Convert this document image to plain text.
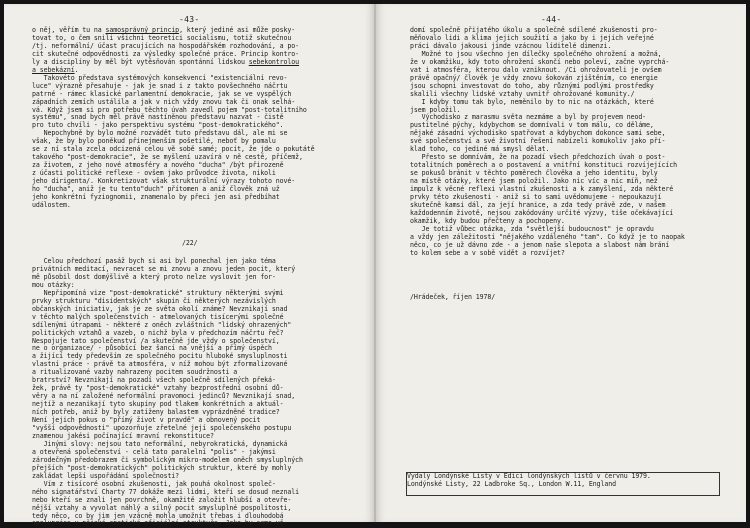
-43-
o něj, věřím tu na samosprávný princip, který jediné asi může posky-
tovat to, o čem snili všichni teoretici socialismu, totiž skutečnou
/tj. neformální/ účast pracujících na hospodářském rozhodování, a po-
cit skutečné odpovědnosti za výsledky společné práce. Princip kontro-
ly a disciplíny by měl být vytěsňován spontánní lidskou sebekontrolou
a sebekázní.
Takovéto představa systémových konsekvencí "existenciální revo-
luce" výrazně přesahuje - jak je snad i z takto povšechného náčrtu
patrné - rámec klasické parlamentní demokracie, jak se ve vyspělých
západních zemích ustálila a jak v nich vždy znovu tak či onak selhá-
vá. Když jsem si pro potřebu těchto úvah zavedl pojem "post-totalitního
systému", snad bych měl právě nastíněnou představu nazvat - čistě
pro tuto chvíli - jako perspektivu systému "post-demokratického".
Nepochybně by bylo možné rozvádět tuto představu dál, ale mi se
však, že by bylo poněkud přinejmenším pošetilé, neboť by pomalu
se z ní stala zcela odcizená celou vě sobě samé; pocit, že jde o pokutátě
takového "post-demokracie", že se myšlení uzavírá v ně cestě, příčemž,
za životem, z jeho nové atmosféry a nového "ducha" /být přirozeně
z účasti politické reflexe - ovšem jako průvodce života, nikoli
jeho dirigenta/. Konkretizovat však strukturální výrazy tohoto nové-
ho "ducha", aniž je tu tento"duch" přítomen a aniž člověk zná už
jeho konkrétní fyziognomii, znamenalo by přeci jen asi předbíhat
událostem.
/22/
Celou předchozí pasáž bych si asi byl ponechal jen jako téma
privátních meditací, nevracet se mi znovu a znovu jeden pocit, který
mě působil dost domýšlivě a který proto nelze vyslovit jen for-
mou otázky:
Nepřipomíná vize "post-demokratické" struktury některými svými
prvky strukturu "disidentských" skupin či některých nezávislých
občanských iniciativ, jak je ze světa okolí známe? Nevznikají snad
v těchto malých společenstvích - atmelovaných tisícerými společné
sdílenými útrapami - některé z oněch zvláštních "lidský ohrazených"
politických vztahů a vazeb, o nichž byla v předchozím náčrtu řeč?
Nespojuje tato společenství /a skutečně jde vždy o společenství,
ne o organizace/ - působící bez šancí na vnější a přímý úspěch
a žijící tedy především ze společného pocitu hluboké smysluplnosti
vlastní práce - právě ta atmosféra, v níž mohou být zformalizované
a ritualizované vazby nahrazeny pocitem soudržnosti a
bratrství? Nevznikají na pozadí všech společně sdílených překá-
žek, právě ty "post-demokratické" vztahy bezprostřední osobní dů-
věry a na ní založené neformální pravomoci jedinců? Nevznikají snad,
nejtíž a nezanikají tyto skupiny pod tlakem konkrétních a aktuál-
ních potřeb, aniž by byly zatíženy balastem vyprázdněné tradice?
Není jejich pokus o "přímý život v pravdě" a obnovený pocit
"vyšší odpovědnosti" upozorňuje zřetelné její společenského postupu
znamenou jakési počínající mravní rekonstituce?
Jinými slovy: nejsou tato neformální, nebyrokratická, dynamická
a otevřená společenství - celá tato paralelní "polis" - jakýmsi
zárodečným předobrazem či symbolickým mikro-modelem oněch smysluplných
přejších "post-demokratických" politických struktur, které by mohly
zakládat lepší uspořádání společnosti?
Vím z tisícoré osobní zkušenosti, jak pouhá okolnost společ-
ného signatářství Charty 77 dokáže mezi lidmi, kteří se dosud neznali
nebo kteří se znali jen povrchně, okamžitě založit hlubší a otevře-
nější vztahy a vyvolat náhlý a silný pocit smysluplné pospolitosti,
tedy něco, co by jim jen vzácně mohla umožnit třebas i dlouhodobá
spolupráce v nějaké apatické oficiální struktuře. Jako by samo vě-
-44-
domí společně přijatého úkolu a společně sdílené zkušenosti pro-
měňovalo lidi a klima jejich soužití a jako by i jejich veřejné
práci dávalo jakousi jinde vzácnou líditelé dimenzi.
Možné to jsou všechno jen dílečky společného ohrožení a možná,
že v okamžiku, kdy toto ohrožení skončí nebo poleví, začne vyprchá-
vat i atmosféra, kterou dalo vzniknout. /Ci ohrožovateli je ovšem
právě opačný/ člověk je vždy znovu šokován zjištěním, co energie
jsou schopni investovat do toho, aby různými podlými prostředky
skalili všechny lidské vztahy uvnitř ohrožované komunity./
I kdyby tomu tak bylo, neměnilo by to nic na otázkách, které
jsem položil.
Východisko z marasmu světa nezmáme a byl by projevem neod-
pustitelné pýchy, kdybychom se domnívali v tom málu, co děláme,
nějaké zásadní východisko spatřovat a kdybychom dokonce sami sebe,
své společenství a své životní řešení nabízeli komukoliv jako pří-
klad toho, co jediné má smysl dělat.
Přesto se domnívám, že na pozadí všech předchozích úvah o post-
totalitních poměrech a o postavení a vnitřní konstituci rozvíjejících
se pokusů bránit v těchto poměrech člověka a jeho identitu, byly
na místě otázky, které jsem položil. Jako nic víc a nic míň, než
impulz k věcné reflexi vlastní zkušenosti a k zamyšlení, zda některé
prvky této zkušenosti - aniž si to sami uvědomujeme - nepoukazují
skutečně kamsi dál, za její hranice, a zda tedy právě zde, v našem
každodenním životě, nejsou zakódovány určité výzvy, tiše očekávající
okamžik, kdy budou přečteny a pochopeny.
Je totiž vůbec otázka, zda "světlejší budoucnost" je opravdu
a vždy jen záležitostí "nějakého vzdáleného "tam". Co když je to naopak
něco, co je už dávno zde - a jenom naše slepota a slabost nám brání
to kolem sebe a v sobě vidět a rozvíjet?
/Hrádeček, říjen 1978/
Vydaly Londýnské Listy v Edici londýnských listů v červnu 1979.
Londýnské Listy, 22 Ladbroke Sq., London W.11, England
